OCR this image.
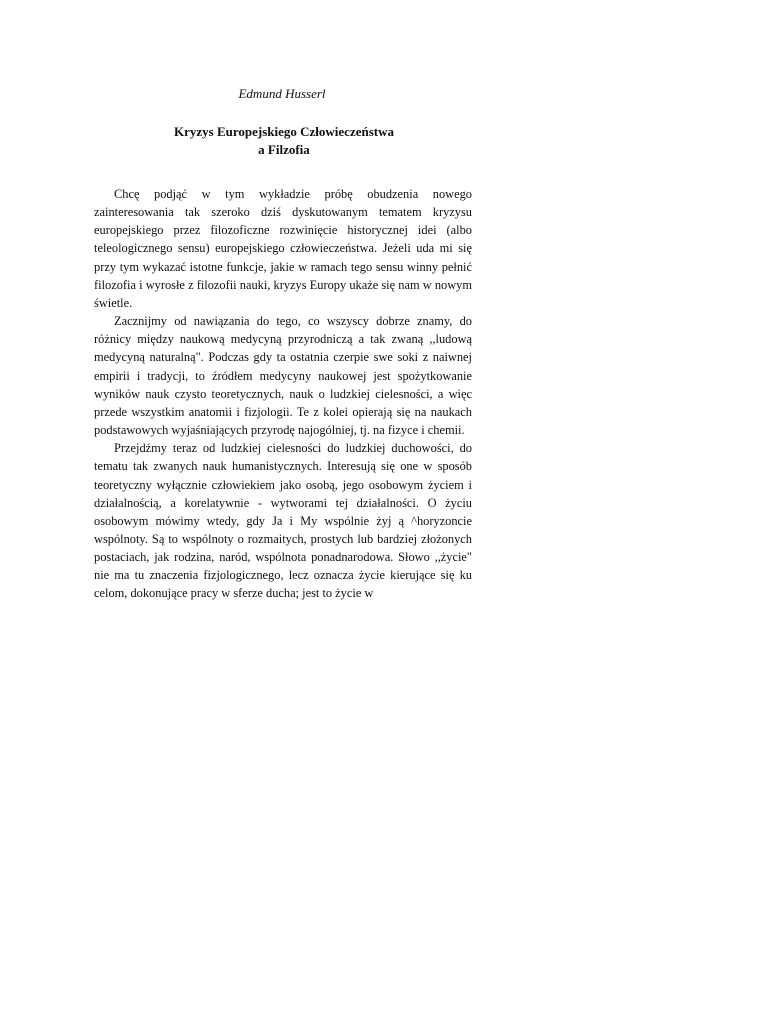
Edmund Husserl

Kryzys Europejskiego Człowieczeństwa
a Filzofia

Chcę podjąć w tym wykładzie próbę obudzenia nowego zainteresowania tak szeroko dziś dyskutowanym tematem kryzysu europejskiego przez filozoficzne rozwinięcie historycznej idei (albo teleologicznego sensu) europejskiego człowieczeństwa. Jeżeli uda mi się przy tym wykazać istotne funkcje, jakie w ramach tego sensu winny pełnić filozofia i wyrosłe z filozofii nauki, kryzys Europy ukaże się nam w nowym świetle.

Zacznijmy od nawiązania do tego, co wszyscy dobrze znamy, do różnicy między naukową medycyną przyrodniczą a tak zwaną ,,ludową medycyną naturalną". Podczas gdy ta ostatnia czerpie swe soki z naiwnej empirii i tradycji, to źródłem medycyny naukowej jest spożytkowanie wyników nauk czysto teoretycznych, nauk o ludzkiej cielesności, a więc przede wszystkim anatomii i fizjologii. Te z kolei opierają się na naukach podstawowych wyjaśniających przyrodę najogólniej, tj. na fizyce i chemii.

Przejdźmy teraz od ludzkiej cielesności do ludzkiej duchowości, do tematu tak zwanych nauk humanistycznych. Interesują się one w sposób teoretyczny wyłącznie człowiekiem jako osobą, jego osobowym życiem i działalnością, a korelatywnie - wytworami tej działalności. O życiu osobowym mówimy wtedy, gdy Ja i My wspólnie żyj ą ^horyzoncie wspólnoty. Są to wspólnoty o rozmaitych, prostych lub bardziej złożonych postaciach, jak rodzina, naród, wspólnota ponadnarodowa. Słowo ,,życie" nie ma tu znaczenia fizjologicznego, lecz oznacza życie kierujące się ku celom, dokonujące pracy w sferze ducha; jest to życie w
